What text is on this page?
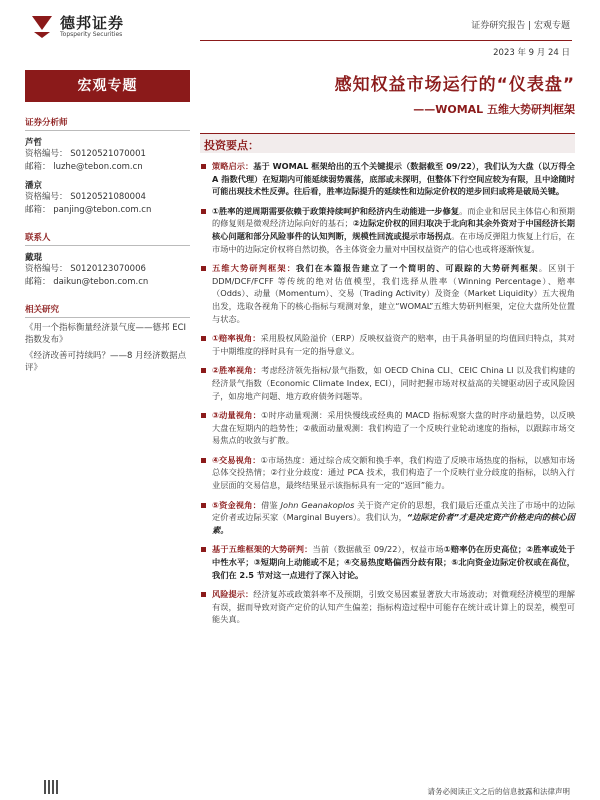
德邦证券
Topsperity Securities
证券研究报告 | 宏观专题
2023 年 9 月 24 日
宏观专题
证券分析师
芦哲
资格编号： S0120521070001
邮箱： luzhe@tebon.com.cn
潘京
资格编号： S0120521080004
邮箱： panjing@tebon.com.cn
联系人
戴琨
资格编号： S0120123070006
邮箱： daikun@tebon.com.cn
相关研究
《用一个指标衡量经济景气度——德邦 ECI 指数发布》
《经济改善可持续吗？——8 月经济数据点评》
感知权益市场运行的“仪表盘”
——WOMAL 五维大势研判框架
投资要点：
策略启示：基于 WOMAL 框架给出的五个关键提示（数据截至 09/22），我们认为大盘（以万得全 A 指数代理）在短期内可能延续弱势震荡，底部或未探明，但整体下行空间应较为有限，且中途随时可能出现技术性反弹。往后看，胜率边际提升的延续性和边际定价权的逆步回归或将是破局关键。
①胜率的逆周期需要依赖于政策持续呵护和经济内生动能进一步修复。而企业和居民主体信心和预期的修复则是微观经济边际向好的基石；②边际定价权的回归取决于北向和其余外资对于中国经济长期核心问题和部分风险事件的认知判断，规模性回流或提示市场拐点。在市场反弹阻力恢复上行后，在市场中的边际定价权将自然切换，各主体资金力量对中国权益资产的信心也或将逐渐恢复。
五维大势研判框架：我们在本篇报告建立了一个简明的、可跟踪的大势研判框架。区别于 DDM/DCF/FCFF 等传统的绝对估值模型，我们选择从胜率（Winning Percentage）、赔率（Odds）、动量（Momentum）、交易（Trading Activity）及资金（Market Liquidity）五大视角出发，选取各视角下的核心指标与观测对象，建立“WOMAL”五维大势研判框架，定位大盘所处位置与状态。
①赔率视角：采用股权风险溢价（ERP）反映权益资产的赔率，由于具备明显的均值回归特点，其对于中期维度的择时具有一定的指导意义。
②胜率视角：考虑经济领先指标/景气指数，如 OECD China CLI、CEIC China LI 以及我们构建的经济景气指数（Economic Climate Index, ECI），同时把握市场对权益高的关键驱动因子或风险因子，如房地产问题、地方政府债务问题等。
③动量视角：①时序动量观测：采用快慢线或经典的 MACD 指标观察大盘的时序动量趋势，以反映大盘在短期内的趋势性；②截面动量观测：我们构造了一个反映行业轮动速度的指标，以跟踪市场交易焦点的收敛与扩散。
④交易视角：①市场热度：通过综合成交额和换手率，我们构造了反映市场热度的指标，以感知市场总体交投热情；②行业分歧度：通过 PCA 技术，我们构造了一个反映行业分歧度的指标，以纳入行业层面的交易信息，最终结果显示该指标具有一定的“返回”能力。
⑤资金视角：借鉴 John Geanakoplos 关于资产定价的思想，我们最后还重点关注了市场中的边际定价者或边际买家（Marginal Buyers）。我们认为，“边际定价者”才是决定资产价格走向的核心因素。
基于五维框架的大势研判：当前（数据截至 09/22），权益市场①赔率仍在历史高位；②胜率或处于中性水平；③短期向上动能或不足；④交易热度略偏西分歧有限；⑤北向资金边际定价权或在高位，我们在 2.5 节对这一点进行了深入讨论。
风险提示：经济复苏或政策斜率不及预期，引致交易因素显著放大市场波动；对微观经济模型的理解有误，据而导致对资产定价的认知产生偏差；指标构造过程中可能存在统计或计算上的误差，模型可能失真。
请务必阅读正文之后的信息披露和法律声明
